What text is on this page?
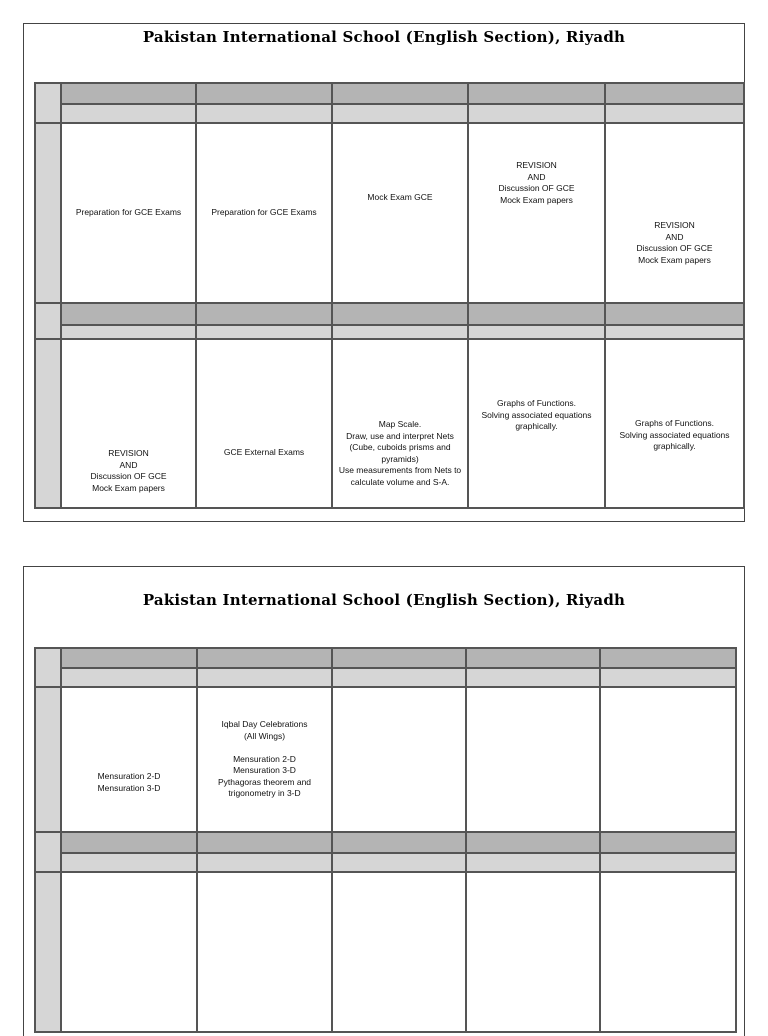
Pakistan International School (English Section), Riyadh

	Preparation for GCE Exams	Preparation for GCE Exams	Mock Exam GCE	REVISION
AND
Discussion OF GCE
Mock Exam papers	REVISION
AND
Discussion OF GCE
Mock Exam papers

	REVISION
AND
Discussion OF GCE
Mock Exam papers	GCE External Exams	Map Scale.
Draw, use and interpret Nets (Cube, cuboids prisms and pyramids)
Use measurements from Nets to calculate volume and S-A.	Graphs of Functions.
Solving associated equations graphically.	Graphs of Functions.
Solving associated equations graphically.
Pakistan International School (English Section), Riyadh

	Mensuration 2-D
Mensuration 3-D	Iqbal Day Celebrations
(All Wings)

Mensuration 2-D
Mensuration 3-D
Pythagoras theorem and trigonometry in 3-D			
